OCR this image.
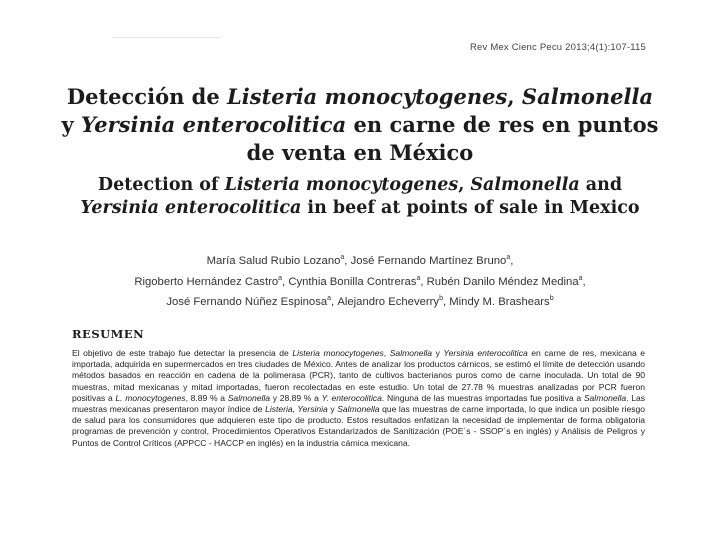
Rev Mex Cienc Pecu 2013;4(1):107-115
Detección de Listeria monocytogenes, Salmonella y Yersinia enterocolitica en carne de res en puntos de venta en México
Detection of Listeria monocytogenes, Salmonella and Yersinia enterocolitica in beef at points of sale in Mexico
María Salud Rubio Lozano$^a$, José Fernando Martínez Bruno$^a$, Rigoberto Hernández Castro$^a$, Cynthia Bonilla Contreras$^a$, Rubén Danilo Méndez Medina$^a$, José Fernando Núñez Espinosa$^a$, Alejandro Echeverry$^b$, Mindy M. Brashears$^b$
RESUMEN
El objetivo de este trabajo fue detectar la presencia de Listeria monocytogenes, Salmonella y Yersinia enterocolitica en carne de res, mexicana e importada, adquirida en supermercados en tres ciudades de México. Antes de analizar los productos cárnicos, se estimó el límite de detección usando métodos basados en reacción en cadena de la polimerasa (PCR), tanto de cultivos bacterianos puros como de carne inoculada. Un total de 90 muestras, mitad mexicanas y mitad importadas, fueron recolectadas en este estudio. Un total de 27.78 % muestras analizadas por PCR fueron positivas a L. monocytogenes, 8.89 % a Salmonella y 28.89 % a Y. enterocolitica. Ninguna de las muestras importadas fue positiva a Salmonella. Las muestras mexicanas presentaron mayor índice de Listeria, Yersinia y Salmonella que las muestras de carne importada, lo que indica un posible riesgo de salud para los consumidores que adquieren este tipo de producto. Estos resultados enfatizan la necesidad de implementar de forma obligatoria programas de prevención y control, Procedimientos Operativos Estandarizados de Sanitización (POE´s - SSOP´s en inglés) y Análisis de Peligros y Puntos de Control Críticos (APPCC - HACCP en inglés) en la industria cárnica mexicana.
